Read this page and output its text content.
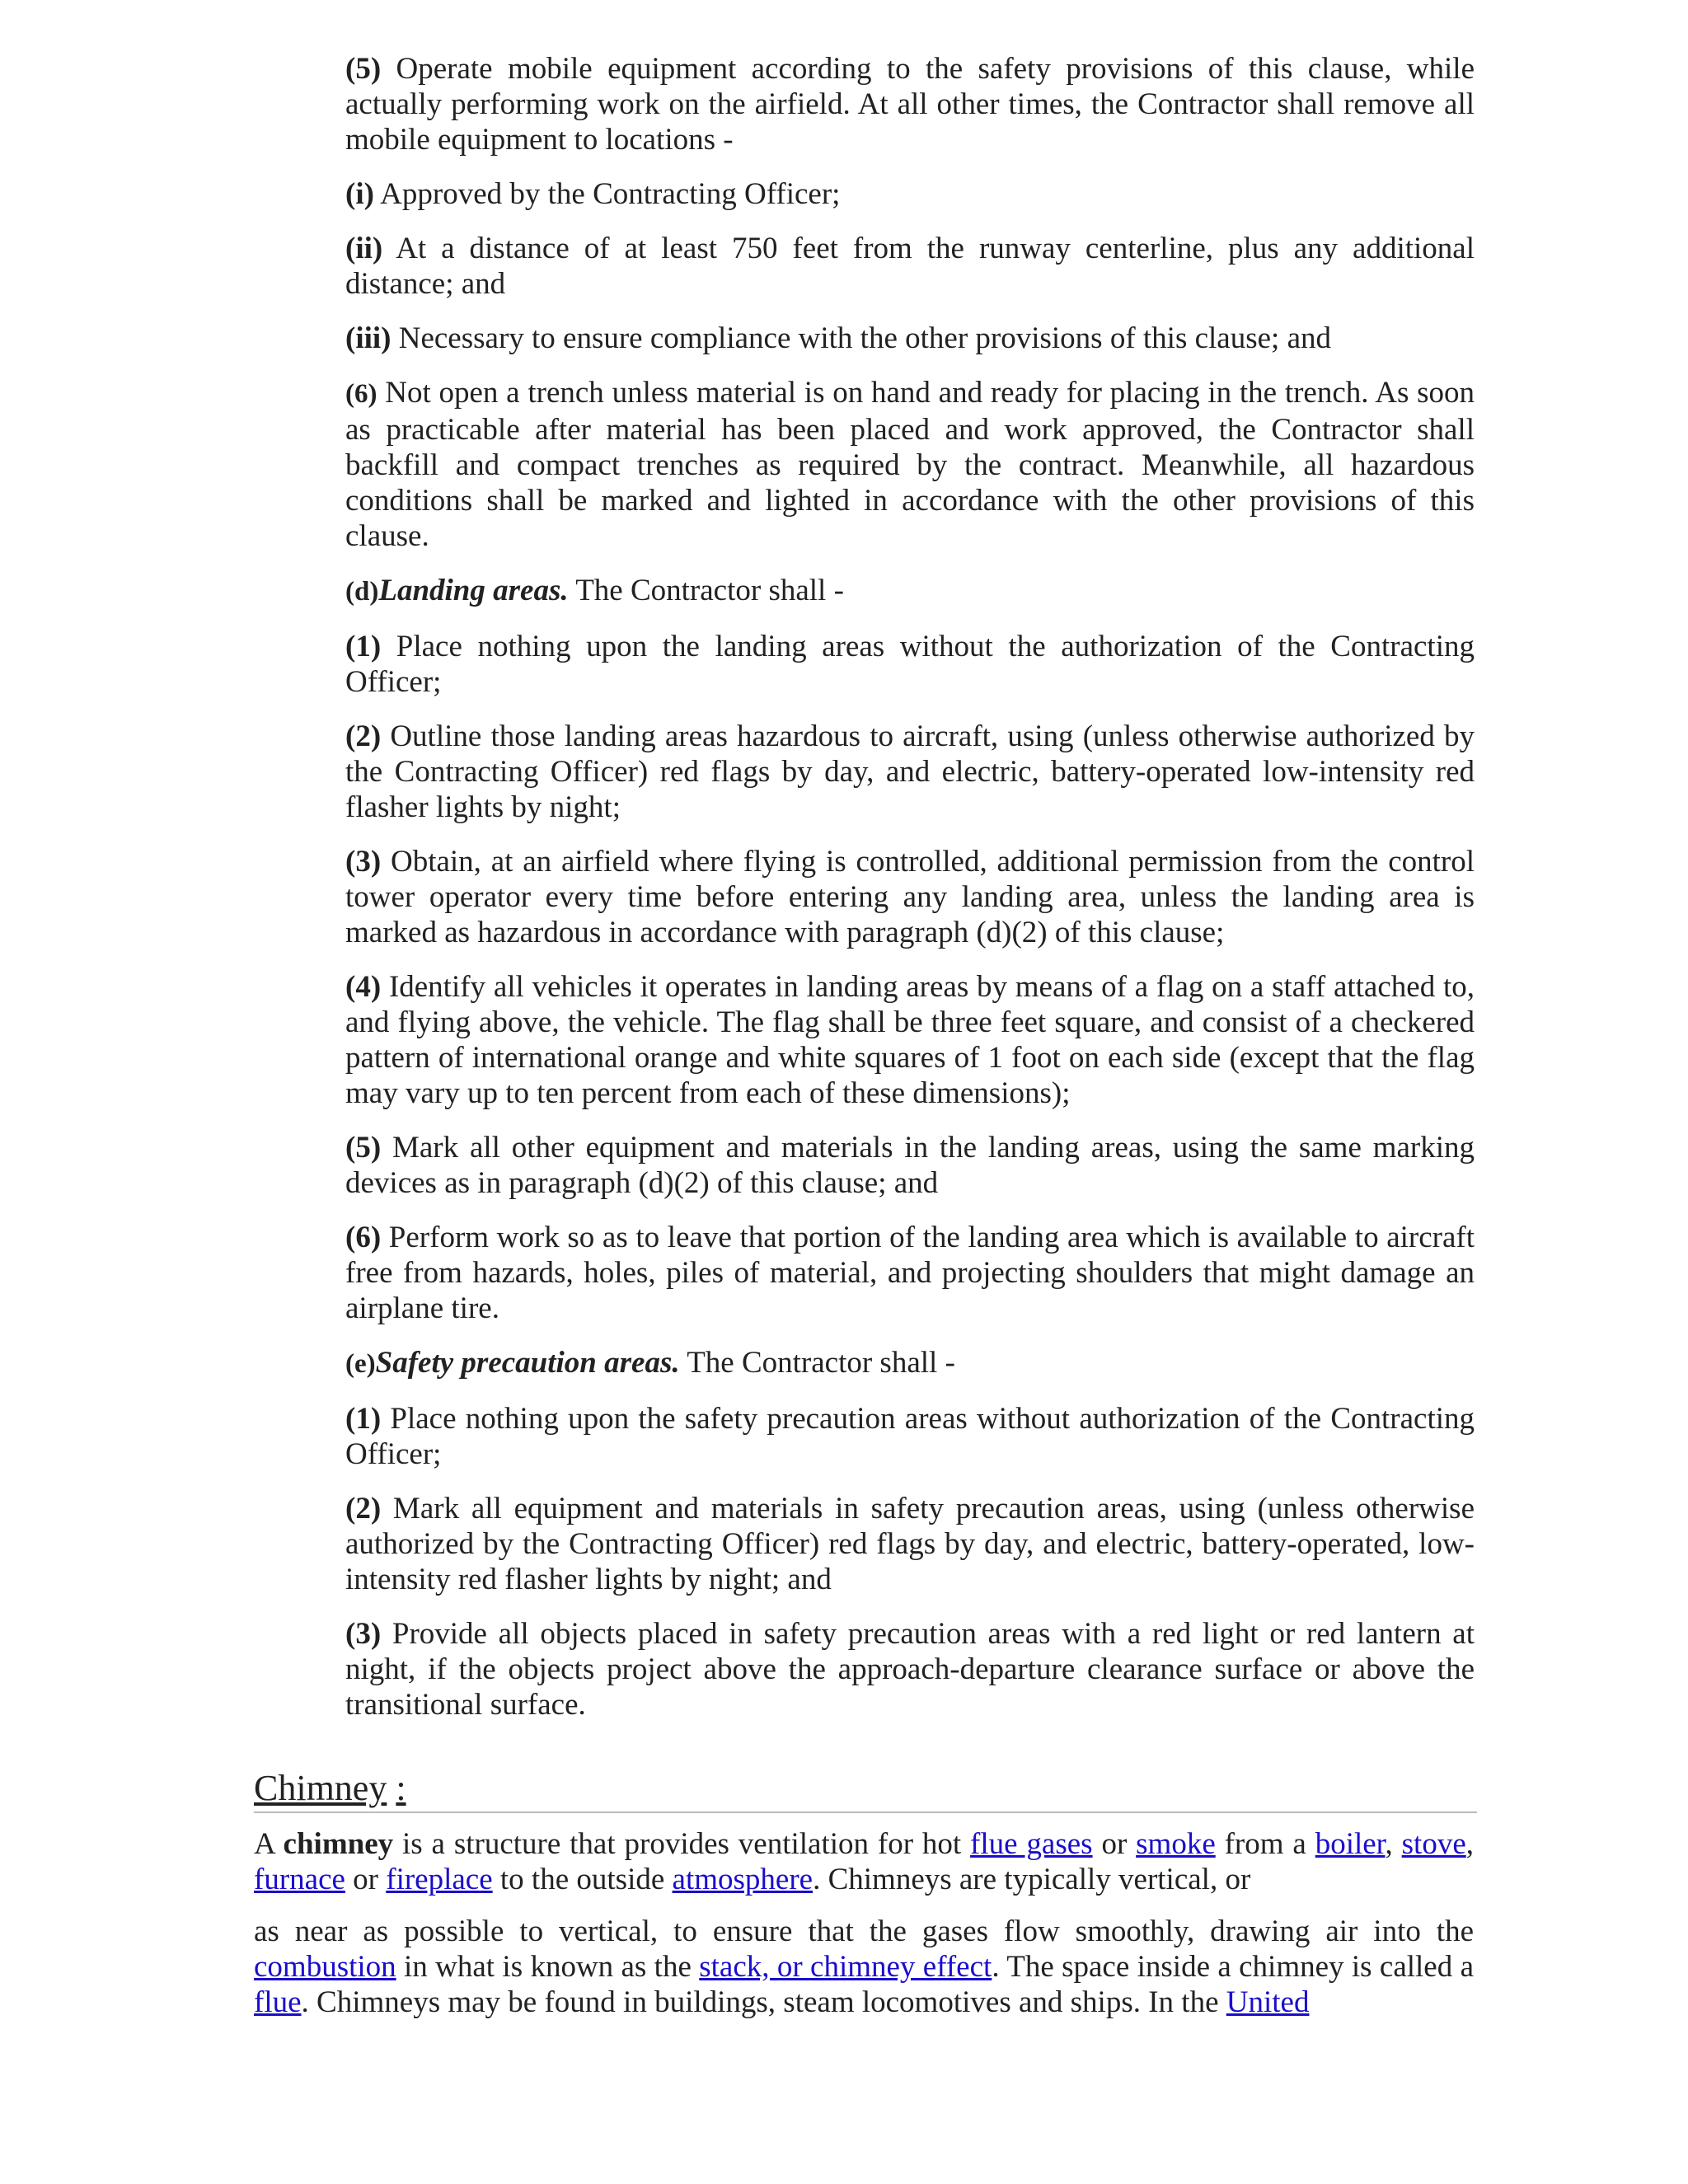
(5) Operate mobile equipment according to the safety provisions of this clause, while actually performing work on the airfield. At all other times, the Contractor shall remove all mobile equipment to locations -

(i) Approved by the Contracting Officer;

(ii) At a distance of at least 750 feet from the runway centerline, plus any additional distance; and

(iii) Necessary to ensure compliance with the other provisions of this clause; and

(6) Not open a trench unless material is on hand and ready for placing in the trench. As soon as practicable after material has been placed and work approved, the Contractor shall backfill and compact trenches as required by the contract. Meanwhile, all hazardous conditions shall be marked and lighted in accordance with the other provisions of this clause.

(d)Landing areas. The Contractor shall -

(1) Place nothing upon the landing areas without the authorization of the Contracting Officer;

(2) Outline those landing areas hazardous to aircraft, using (unless otherwise authorized by the Contracting Officer) red flags by day, and electric, battery-operated low-intensity red flasher lights by night;

(3) Obtain, at an airfield where flying is controlled, additional permission from the control tower operator every time before entering any landing area, unless the landing area is marked as hazardous in accordance with paragraph (d)(2) of this clause;

(4) Identify all vehicles it operates in landing areas by means of a flag on a staff attached to, and flying above, the vehicle. The flag shall be three feet square, and consist of a checkered pattern of international orange and white squares of 1 foot on each side (except that the flag may vary up to ten percent from each of these dimensions);

(5) Mark all other equipment and materials in the landing areas, using the same marking devices as in paragraph (d)(2) of this clause; and

(6) Perform work so as to leave that portion of the landing area which is available to aircraft free from hazards, holes, piles of material, and projecting shoulders that might damage an airplane tire.

(e)Safety precaution areas. The Contractor shall -

(1) Place nothing upon the safety precaution areas without authorization of the Contracting Officer;

(2) Mark all equipment and materials in safety precaution areas, using (unless otherwise authorized by the Contracting Officer) red flags by day, and electric, battery-operated, low-intensity red flasher lights by night; and

(3) Provide all objects placed in safety precaution areas with a red light or red lantern at night, if the objects project above the approach-departure clearance surface or above the transitional surface.

Chimney :

A chimney is a structure that provides ventilation for hot flue gases or smoke from a boiler, stove, furnace or fireplace to the outside atmosphere. Chimneys are typically vertical, or

as near as possible to vertical, to ensure that the gases flow smoothly, drawing air into the combustion in what is known as the stack, or chimney effect. The space inside a chimney is called a flue. Chimneys may be found in buildings, steam locomotives and ships. In the United
